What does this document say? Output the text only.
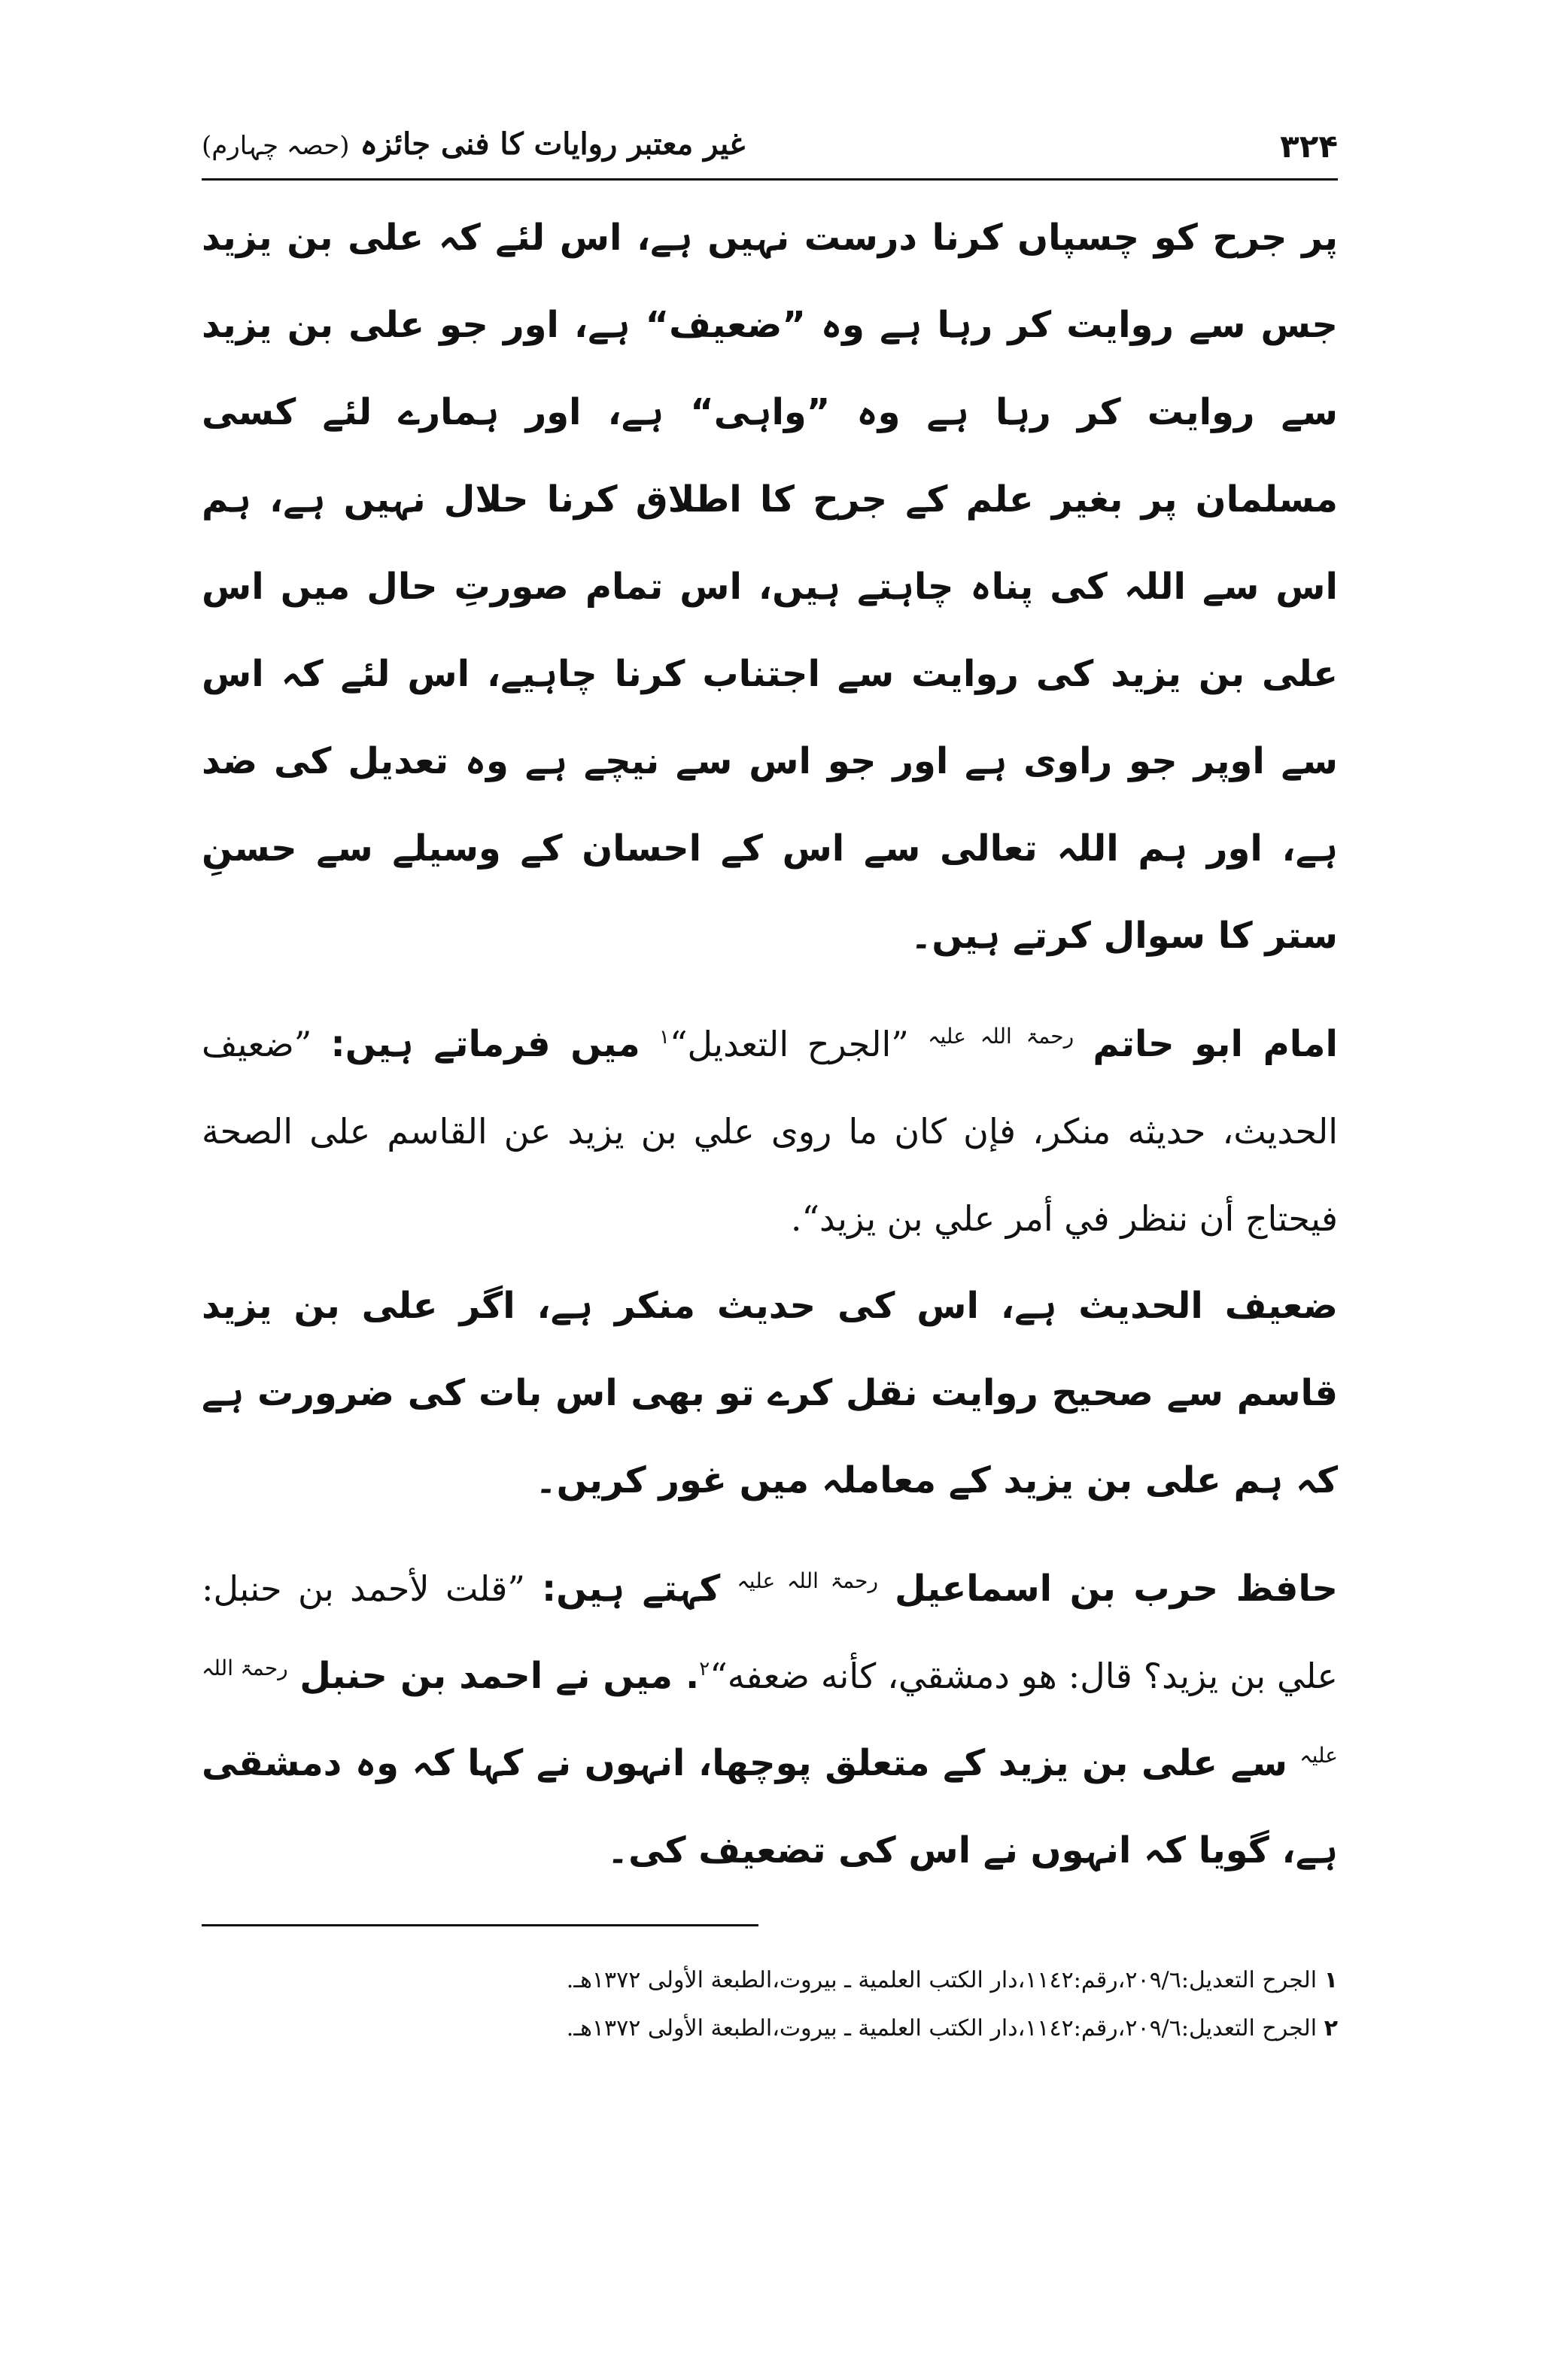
۳۲۴
غیر معتبر روایات کا فنی جائزہ (حصہ چہارم)
پر جرح کو چسپاں کرنا درست نہیں ہے، اس لئے کہ علی بن یزید جس سے روایت کر رہا ہے وہ ”ضعیف“ ہے، اور جو علی بن یزید سے روایت کر رہا ہے وہ ”واہی“ ہے، اور ہمارے لئے کسی مسلمان پر بغیر علم کے جرح کا اطلاق کرنا حلال نہیں ہے، ہم اس سے اللہ کی پناہ چاہتے ہیں، اس تمام صورتِ حال میں اس علی بن یزید کی روایت سے اجتناب کرنا چاہیے، اس لئے کہ اس سے اوپر جو راوی ہے اور جو اس سے نیچے ہے وہ تعدیل کی ضد ہے، اور ہم اللہ تعالی سے اس کے احسان کے وسیلے سے حسنِ ستر کا سوال کرتے ہیں۔
امام ابو حاتم $^{رحمۃ اللہ علیہ}$ ”الجرح التعديل“$^۱$ میں فرماتے ہیں: ”ضعيف الحديث، حديثه منكر، فإن كان ما روى علي بن يزيد عن القاسم على الصحة فيحتاج أن ننظر في أمر علي بن يزيد“.
ضعیف الحدیث ہے، اس کی حدیث منکر ہے، اگر علی بن یزید قاسم سے صحیح روایت نقل کرے تو بھی اس بات کی ضرورت ہے کہ ہم علی بن یزید کے معاملہ میں غور کریں۔
حافظ حرب بن اسماعیل $^{رحمۃ اللہ علیہ}$ کہتے ہیں: ”قلت لأحمد بن حنبل: علي بن يزيد؟ قال: هو دمشقي، كأنه ضعفه“$^۲$. میں نے احمد بن حنبل $^{رحمۃ اللہ علیہ}$ سے علی بن یزید کے متعلق پوچھا، انہوں نے کہا کہ وہ دمشقی ہے، گویا کہ انہوں نے اس کی تضعیف کی۔
۱ الجرح التعديل:٢٠٩/٦،رقم:١١٤٢،دار الكتب العلمية ـ بيروت،الطبعة الأولى ١٣٧٢هـ.
۲ الجرح التعديل:٢٠٩/٦،رقم:١١٤٢،دار الكتب العلمية ـ بيروت،الطبعة الأولى ١٣٧٢هـ.
